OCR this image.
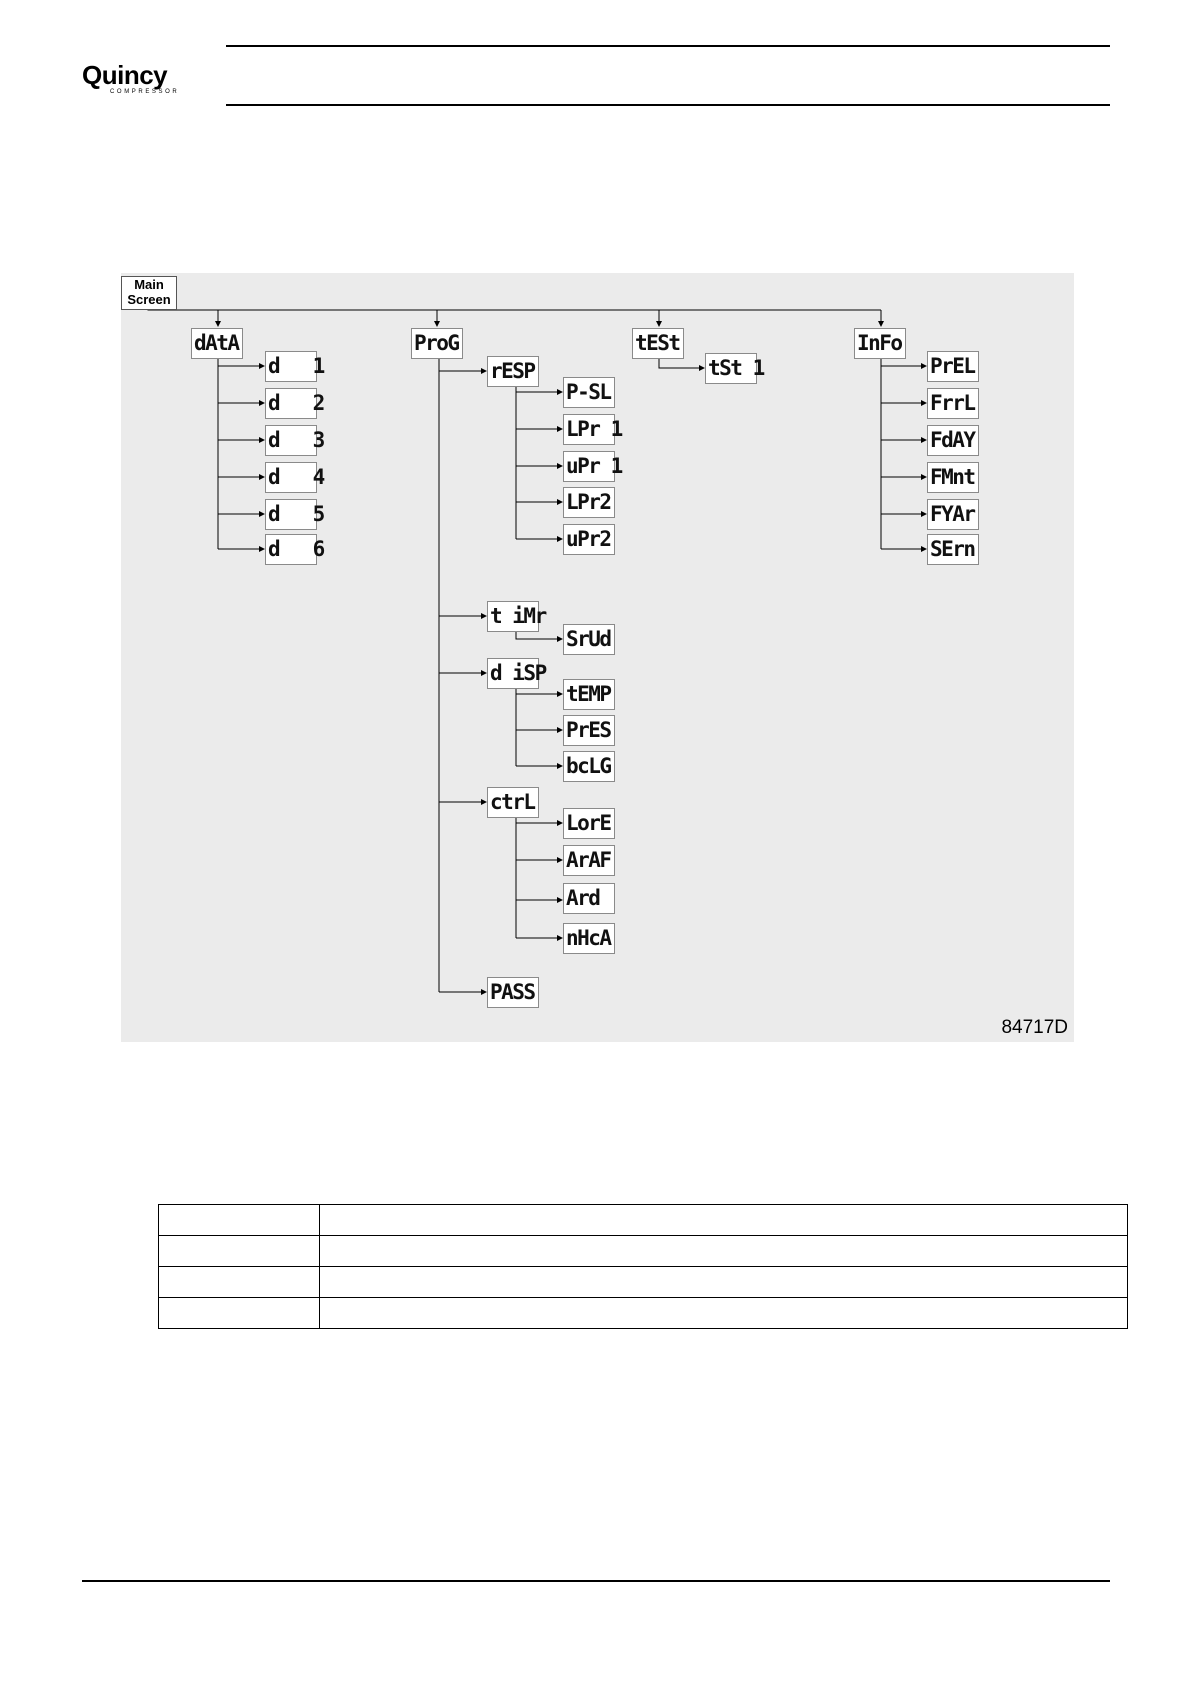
Quincy
COMPRESSOR
Main
Screen
dAtA	ProG	tESt	InFo
d   1
d   2
d   3
d   4
d   5
d   6
rESP
t iMr
d iSP
ctrL
PASS
P-SL
LPr 1
uPr 1
LPr2
uPr2
SrUd
tEMP
PrES
bcLG
LorE
ArAF
Ard
nHcA
tSt 1	PrEL
FrrL
FdAY
FMnt
FYAr
SErn
84717D
